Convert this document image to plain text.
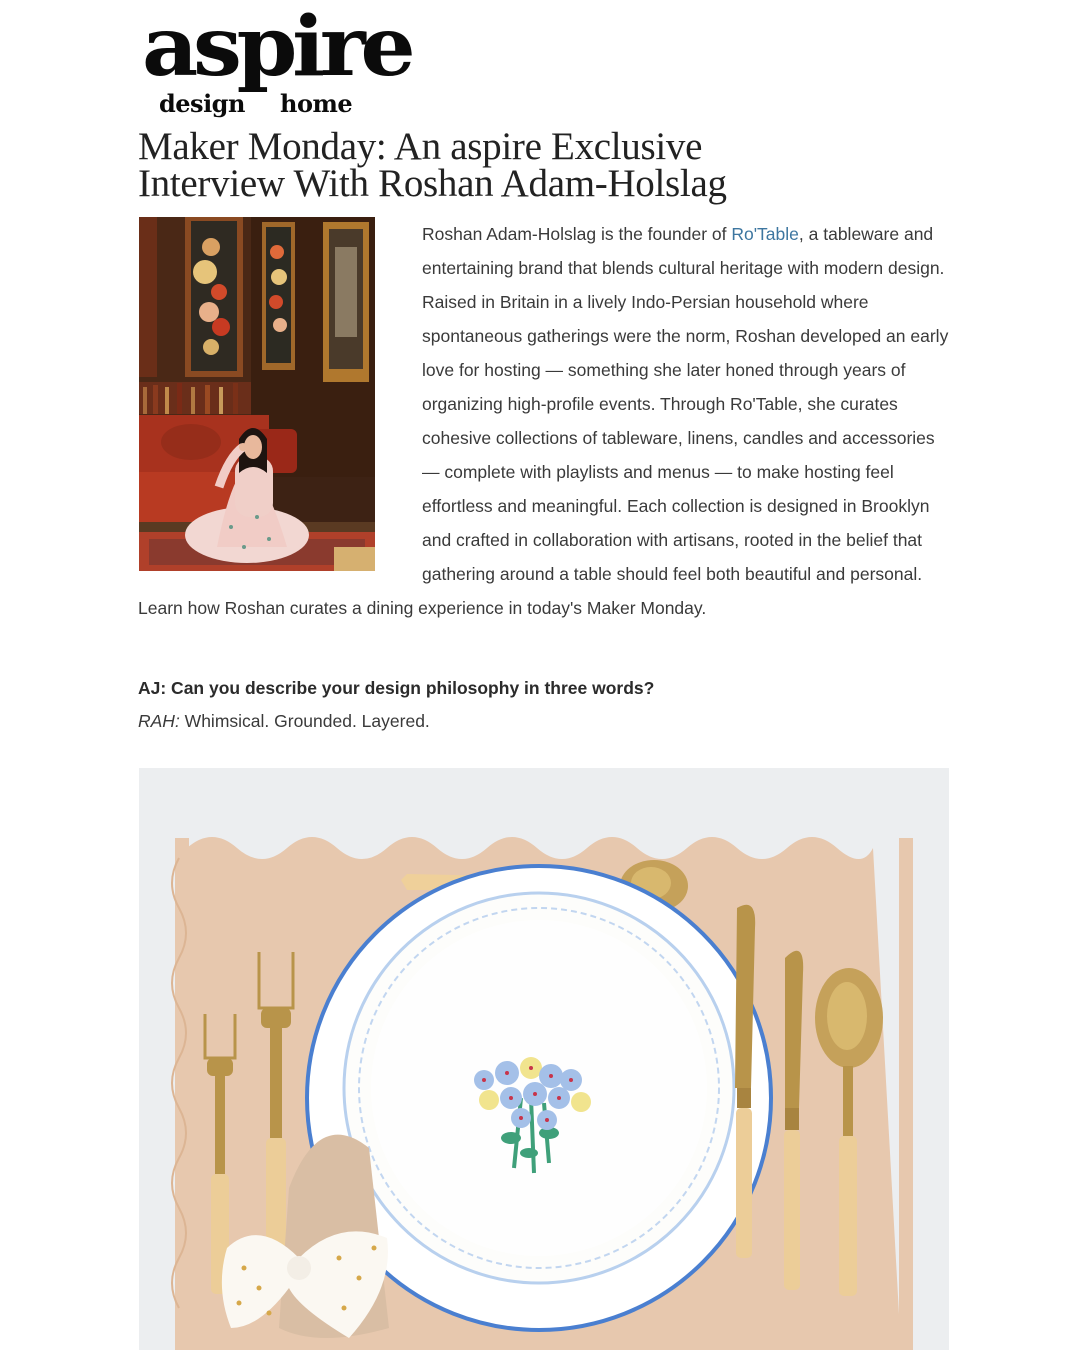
aspire
design home
Maker Monday: An aspire Exclusive Interview With Roshan Adam-Holslag

Roshan Adam-Holslag is the founder of Ro'Table, a tableware and entertaining brand that blends cultural heritage with modern design. Raised in Britain in a lively Indo-Persian household where spontaneous gatherings were the norm, Roshan developed an early love for hosting — something she later honed through years of organizing high-profile events. Through Ro'Table, she curates cohesive collections of tableware, linens, candles and accessories — complete with playlists and menus — to make hosting feel effortless and meaningful. Each collection is designed in Brooklyn and crafted in collaboration with artisans, rooted in the belief that gathering around a table should feel both beautiful and personal. Learn how Roshan curates a dining experience in today's Maker Monday.

AJ: Can you describe your design philosophy in three words?
RAH: Whimsical. Grounded. Layered.
